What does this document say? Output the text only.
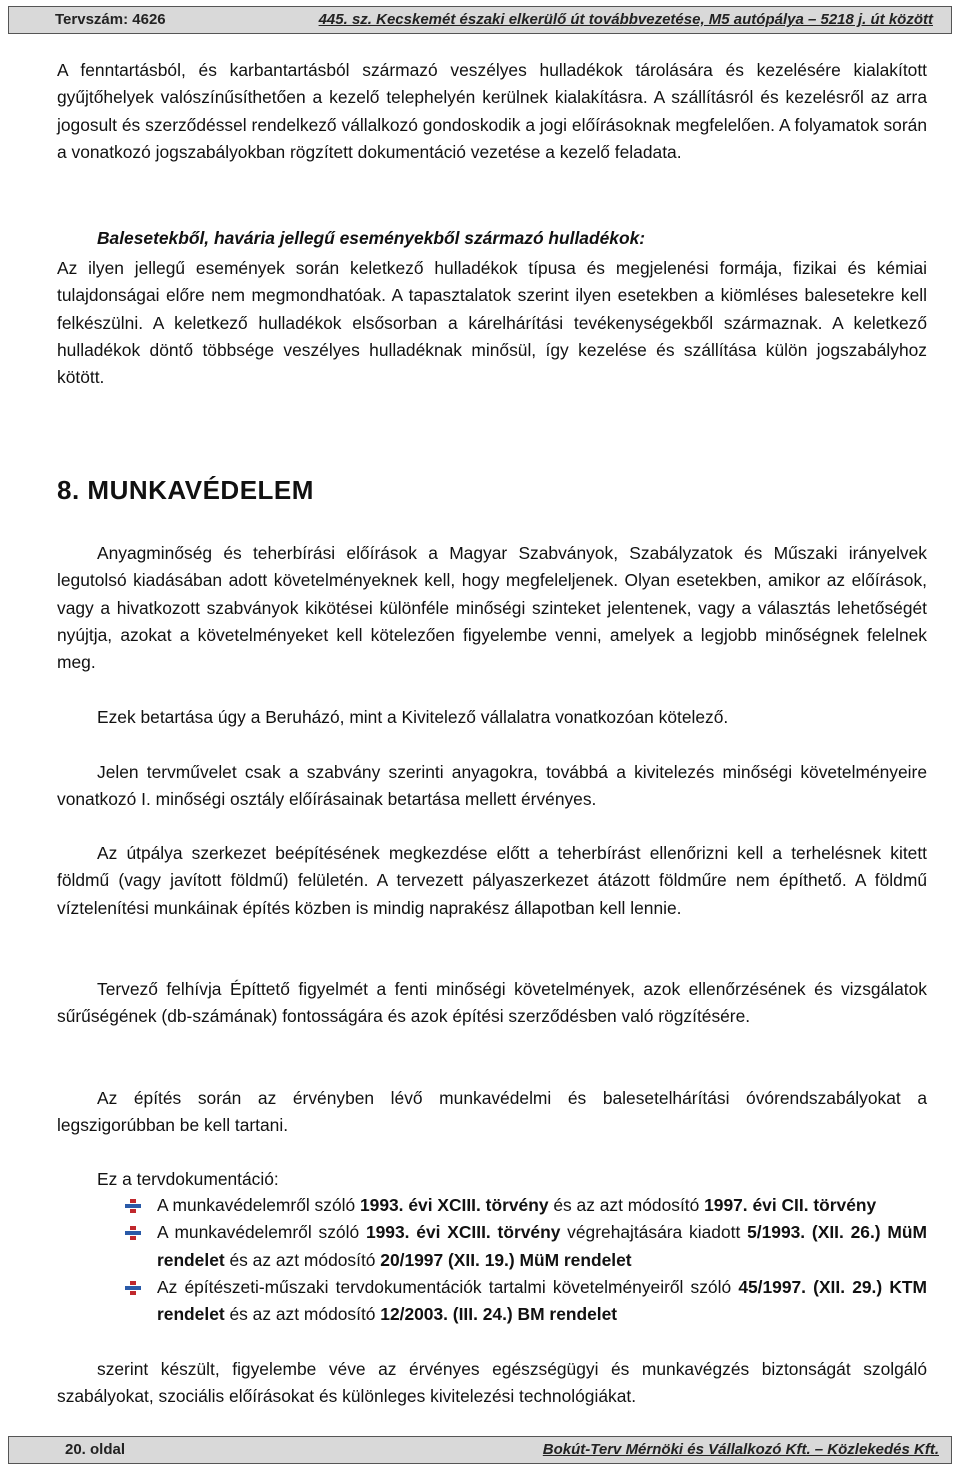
Tervszám: 4626	445. sz. Kecskemét északi elkerülő út továbbvezetése, M5 autópálya – 5218 j. út között

A fenntartásból, és karbantartásból származó veszélyes hulladékok tárolására és kezelésére kialakított gyűjtőhelyek valószínűsíthetően a kezelő telephelyén kerülnek kialakításra. A szállításról és kezelésről az arra jogosult és szerződéssel rendelkező vállalkozó gondoskodik a jogi előírásoknak megfelelően. A folyamatok során a vonatkozó jogszabályokban rögzített dokumentáció vezetése a kezelő feladata.

Balesetekből, havária jellegű eseményekből származó hulladékok:

Az ilyen jellegű események során keletkező hulladékok típusa és megjelenési formája, fizikai és kémiai tulajdonságai előre nem megmondhatóak. A tapasztalatok szerint ilyen esetekben a kiömléses balesetekre kell felkészülni. A keletkező hulladékok elsősorban a kárelhárítási tevékenységekből származnak. A keletkező hulladékok döntő többsége veszélyes hulladéknak minősül, így kezelése és szállítása külön jogszabályhoz kötött.

8. MUNKAVÉDELEM

Anyagminőség és teherbírási előírások a Magyar Szabványok, Szabályzatok és Műszaki irányelvek legutolsó kiadásában adott követelményeknek kell, hogy megfeleljenek. Olyan esetekben, amikor az előírások, vagy a hivatkozott szabványok kikötései különféle minőségi szinteket jelentenek, vagy a választás lehetőségét nyújtja, azokat a követelményeket kell kötelezően figyelembe venni, amelyek a legjobb minőségnek felelnek meg.

Ezek betartása úgy a Beruházó, mint a Kivitelező vállalatra vonatkozóan kötelező.

Jelen tervművelet csak a szabvány szerinti anyagokra, továbbá a kivitelezés minőségi követelményeire vonatkozó I. minőségi osztály előírásainak betartása mellett érvényes.

Az útpálya szerkezet beépítésének megkezdése előtt a teherbírást ellenőrizni kell a terhelésnek kitett földmű (vagy javított földmű) felületén. A tervezett pályaszerkezet átázott földműre nem építhető. A földmű víztelenítési munkáinak építés közben is mindig naprakész állapotban kell lennie.

Tervező felhívja Építtető figyelmét a fenti minőségi követelmények, azok ellenőrzésének és vizsgálatok sűrűségének (db-számának) fontosságára és azok építési szerződésben való rögzítésére.

Az építés során az érvényben lévő munkavédelmi és balesetelhárítási óvórendszabályokat a legszigorúbban be kell tartani.

Ez a tervdokumentáció:

A munkavédelemről szóló 1993. évi XCIII. törvény és az azt módosító 1997. évi CII. törvény
A munkavédelemről szóló 1993. évi XCIII. törvény végrehajtására kiadott 5/1993. (XII. 26.) MüM rendelet és az azt módosító 20/1997 (XII. 19.) MüM rendelet
Az építészeti-műszaki tervdokumentációk tartalmi követelményeiről szóló 45/1997. (XII. 29.) KTM rendelet és az azt módosító 12/2003. (III. 24.) BM rendelet

szerint készült, figyelembe véve az érvényes egészségügyi és munkavégzés biztonságát szolgáló szabályokat, szociális előírásokat és különleges kivitelezési technológiákat.

20. oldal	Bokút-Terv Mérnöki és Vállalkozó Kft. – Közlekedés Kft.
